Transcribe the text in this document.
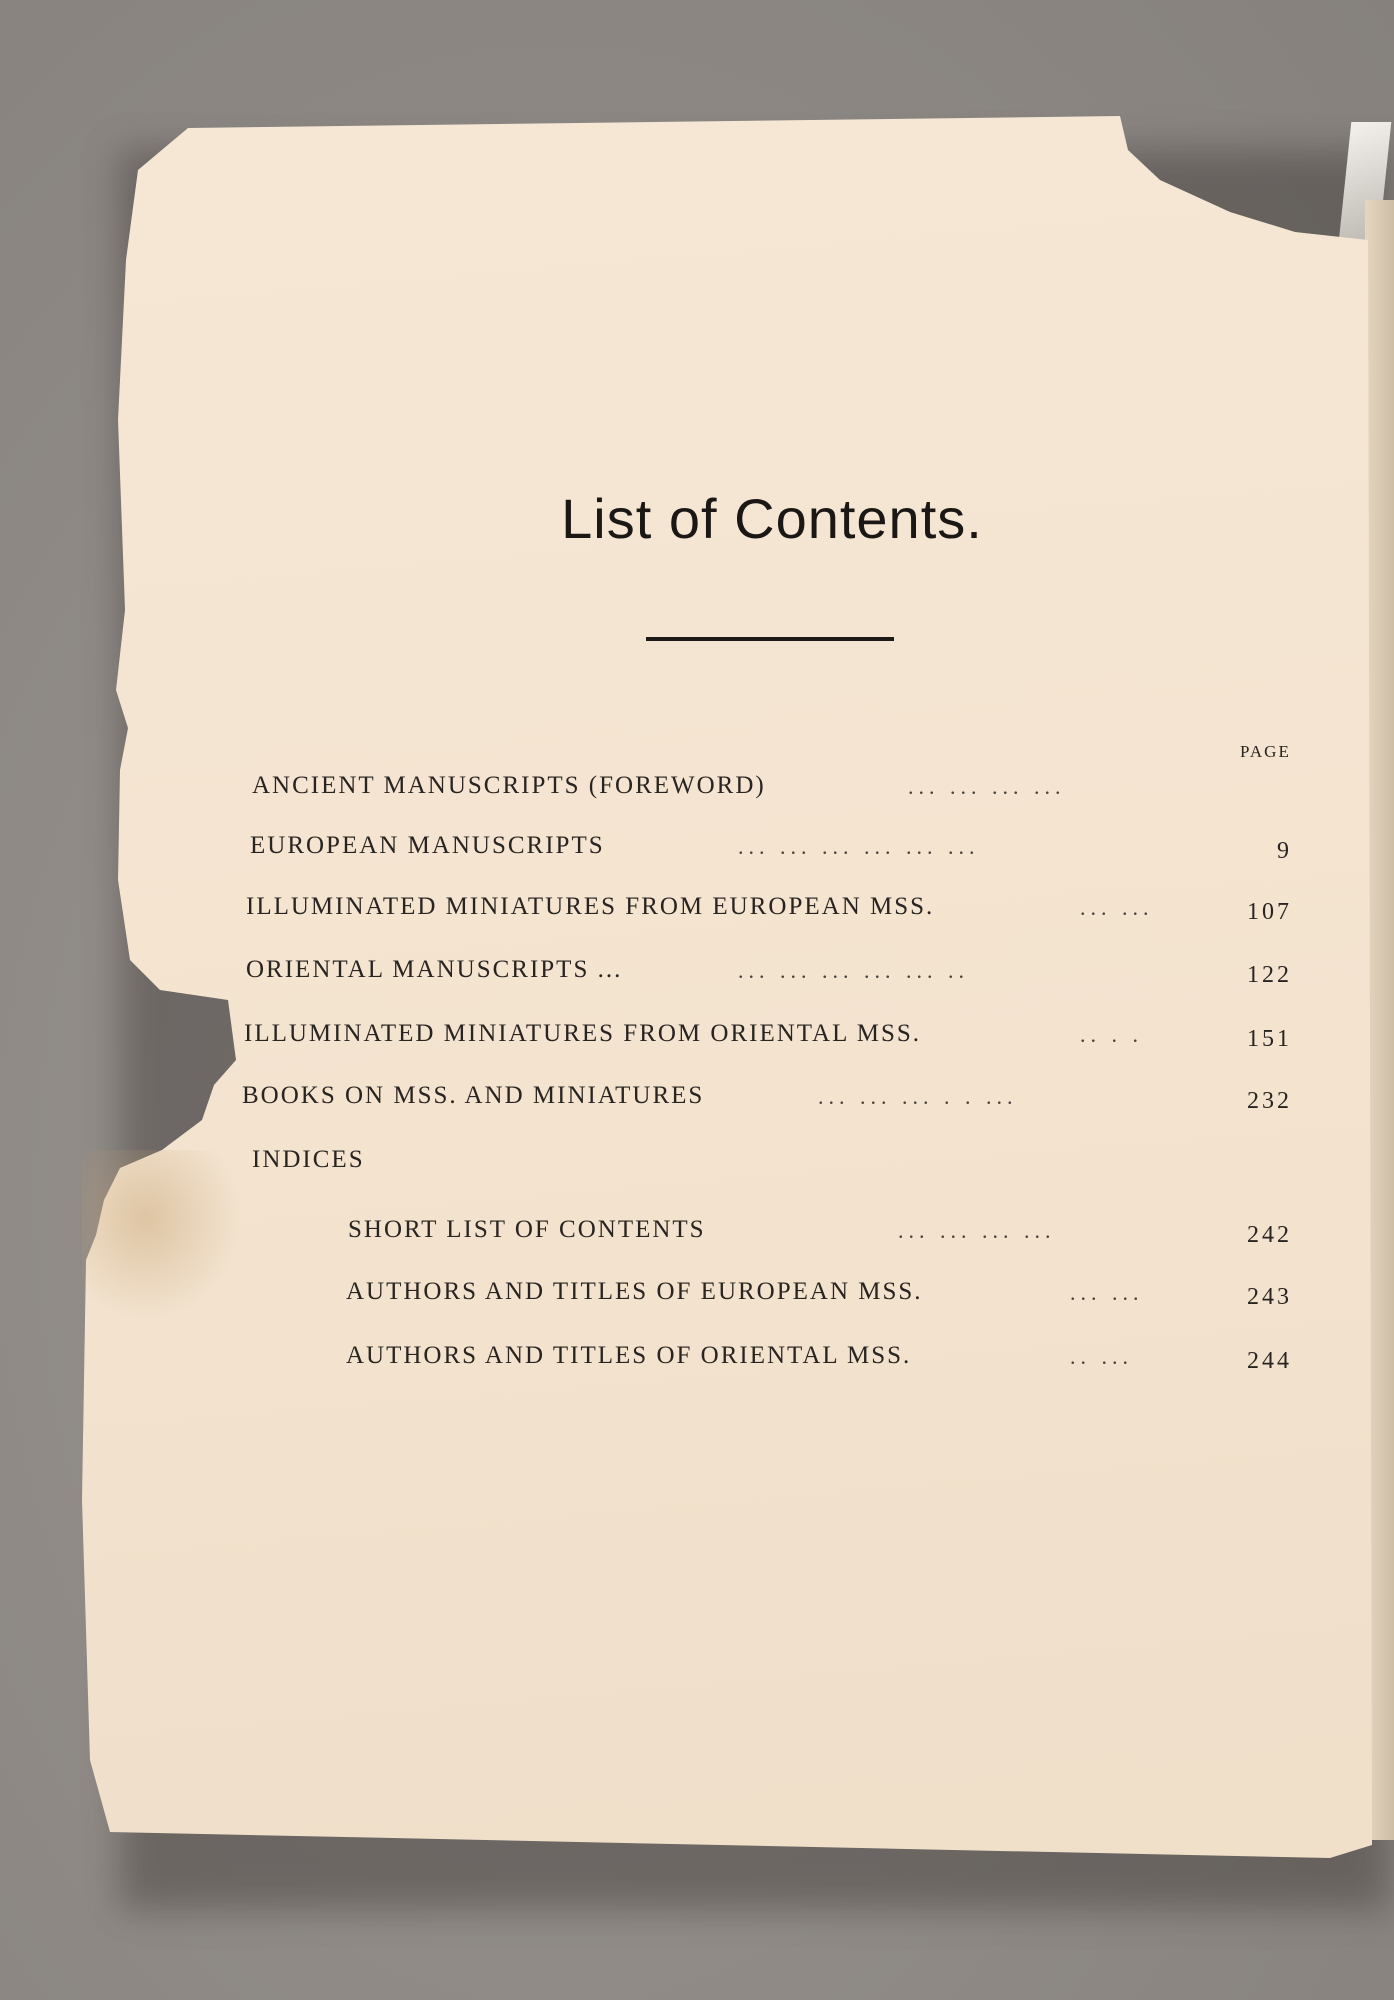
List of Contents.
PAGE
ANCIENT MANUSCRIPTS (FOREWORD)	... ... ... ...
EUROPEAN MANUSCRIPTS	... ... ... ... ... ...	9
ILLUMINATED MINIATURES FROM EUROPEAN MSS.	... ...	107
ORIENTAL MANUSCRIPTS ...	... ... ... ... ... ..	122
ILLUMINATED MINIATURES FROM ORIENTAL MSS.	.. . .	151
BOOKS ON MSS. AND MINIATURES	... ... ... . . ...	232
INDICES
SHORT LIST OF CONTENTS	... ... ... ...	242
AUTHORS AND TITLES OF EUROPEAN MSS.	... ...	243
AUTHORS AND TITLES OF ORIENTAL MSS.	.. ...	244
